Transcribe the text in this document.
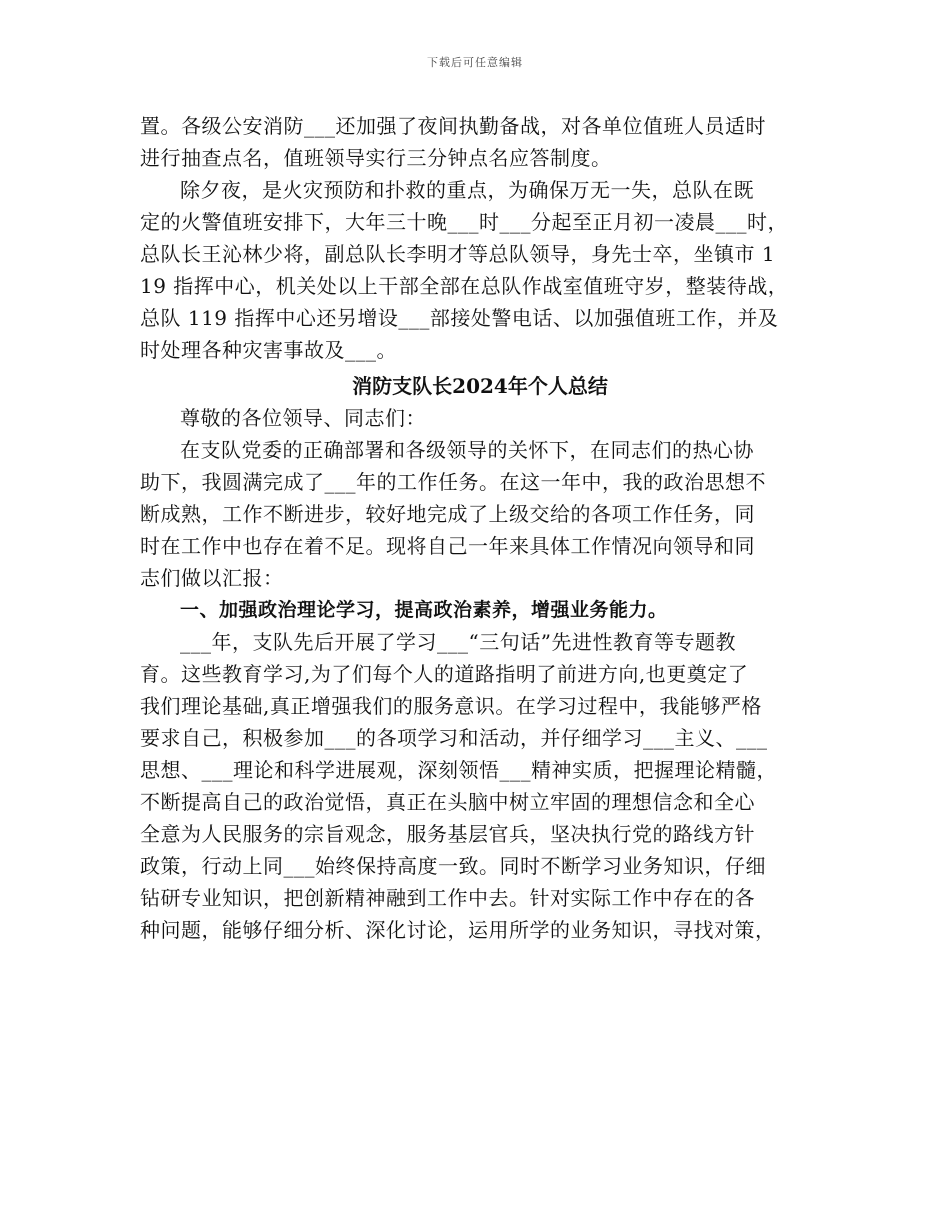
下载后可任意编辑
置。各级公安消防___还加强了夜间执勤备战，对各单位值班人员适时
进行抽查点名，值班领导实行三分钟点名应答制度。
除夕夜，是火灾预防和扑救的重点，为确保万无一失，总队在既
定的火警值班安排下，大年三十晚___时___分起至正月初一凌晨___时，
总队长王沁林少将，副总队长李明才等总队领导，身先士卒，坐镇市 1
19 指挥中心，机关处以上干部全部在总队作战室值班守岁，整装待战，
总队 119 指挥中心还另增设___部接处警电话、以加强值班工作，并及
时处理各种灾害事故及___。
消防支队长2024年个人总结
尊敬的各位领导、同志们：
在支队党委的正确部署和各级领导的关怀下，在同志们的热心协
助下，我圆满完成了___年的工作任务。在这一年中，我的政治思想不
断成熟，工作不断进步，较好地完成了上级交给的各项工作任务，同
时在工作中也存在着不足。现将自己一年来具体工作情况向领导和同
志们做以汇报：
一、加强政治理论学习，提高政治素养，增强业务能力。
___年，支队先后开展了学习___“三句话”先进性教育等专题教
育。这些教育学习,为了们每个人的道路指明了前进方向,也更奠定了
我们理论基础,真正增强我们的服务意识。在学习过程中，我能够严格
要求自己，积极参加___的各项学习和活动，并仔细学习___主义、___
思想、___理论和科学进展观，深刻领悟___精神实质，把握理论精髓，
不断提高自己的政治觉悟，真正在头脑中树立牢固的理想信念和全心
全意为人民服务的宗旨观念，服务基层官兵，坚决执行党的路线方针
政策，行动上同___始终保持高度一致。同时不断学习业务知识，仔细
钻研专业知识，把创新精神融到工作中去。针对实际工作中存在的各
种问题，能够仔细分析、深化讨论，运用所学的业务知识，寻找对策，
